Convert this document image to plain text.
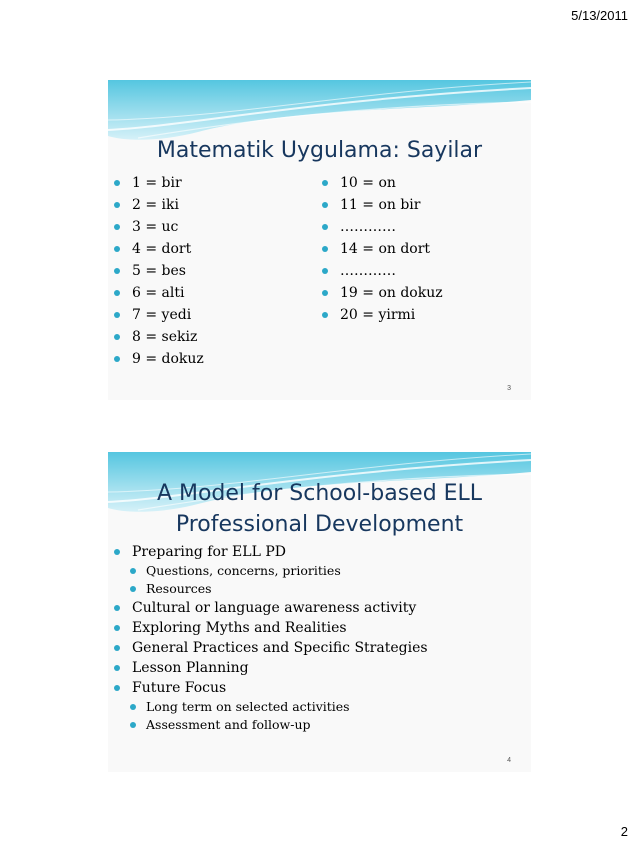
5/13/2011
Matematik Uygulama: Sayilar
1 = bir
2 = iki
3 = uc
4 = dort
5 = bes
6 = alti
7 = yedi
8 = sekiz
9 = dokuz
10 = on
11 = on bir
…………
14 = on dort
…………
19 = on dokuz
20 = yirmi
3
A Model for School-based ELL
Professional Development
Preparing for ELL PD
Questions, concerns, priorities
Resources
Cultural or language awareness activity
Exploring Myths and Realities
General Practices and Specific Strategies
Lesson Planning
Future Focus
Long term on selected activities
Assessment and follow-up
4
2
